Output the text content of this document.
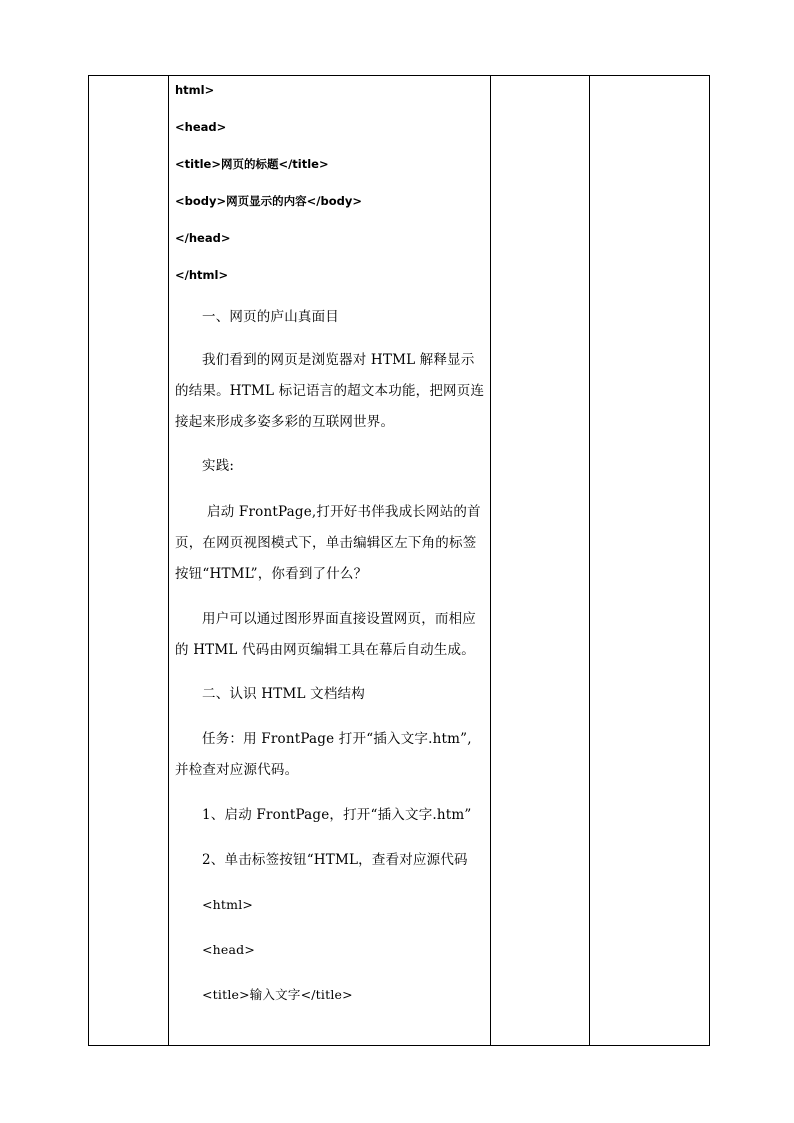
html>
<head>
<title>网页的标题</title>
<body>网页显示的内容</body>
</head>
</html>
一、网页的庐山真面目
我们看到的网页是浏览器对 HTML 解释显示
的结果。HTML 标记语言的超文本功能，把网页连
接起来形成多姿多彩的互联网世界。
实践:
启动 FrontPage,打开好书伴我成长网站的首
页，在网页视图模式下，单击编辑区左下角的标签
按钮“HTML”，你看到了什么？
用户可以通过图形界面直接设置网页，而相应
的 HTML 代码由网页编辑工具在幕后自动生成。
二、认识 HTML 文档结构
任务：用 FrontPage 打开“插入文字.htm”,
并检查对应源代码。
1、启动 FrontPage，打开“插入文字.htm”
2、单击标签按钮“HTML，查看对应源代码
<html>
<head>
<title>输入文字</title>
